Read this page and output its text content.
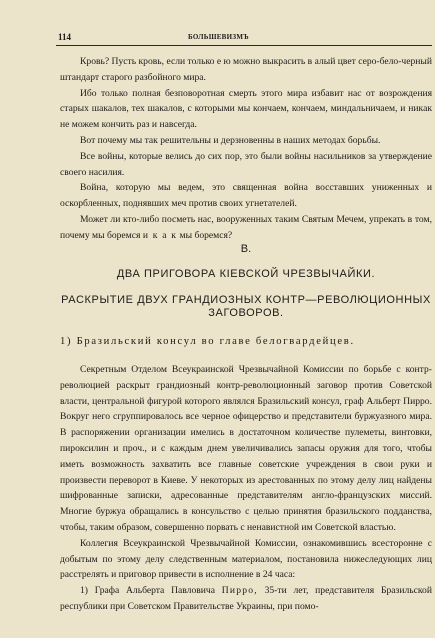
114	БОЛЬШЕВИЗМЪ

Кровь? Пусть кровь, если только е ю можно выкрасить в алый цвет серо-бело-черный штандарт старого разбойного мира.

Ибо только полная безповоротная смерть этого мира избавит нас от возрождения старых шакалов, тех шакалов, с которыми мы кончаем, кончаем, миндальничаем, и никак не можем кончить раз и навсегда.

Вот почему мы так решительны и дерзновенны в наших методах борьбы.

Все войны, которые велись до сих пор, это были войны насильников за утверждение своего насилия.

Война, которую мы ведем, это священная война восставших униженных и оскорбленных, поднявших меч против своих угнетателей.

Может ли кто-либо посметь нас, вооруженных таким Святым Мечем, упрекать в том, почему мы боремся и к а к мы боремся?

B.
ДВА ПРИГОВОРА КІЕВСКОЙ ЧРЕЗВЫЧАЙКИ.
РАСКРЫТИЕ ДВУХ ГРАНДИОЗНЫХ КОНТР—РЕВОЛЮЦИОННЫХ ЗАГОВОРОВ.
1) Бразильский консул во главе белогвардейцев.

Секретным Отделом Всеукраинской Чрезвычайной Комиссии по борьбе с контр-революцией раскрыт грандиозный контр-революционный заговор против Советской власти, центральной фигурой которого являлся Бразильский консул, граф Альберт Пирро. Вокруг него сгруппировалось все черное офицерство и представители буржуазного мира. В распоряжении организации имелись в достаточном количестве пулеметы, винтовки, пироксилин и проч., и с каждым днем увеличивались запасы оружия для того, чтобы иметь возможность захватить все главные советские учреждения в свои руки и произвести переворот в Киеве. У некоторых из арестованных по этому делу лиц найдены шифрованные записки, адресованные представителям англо-французских миссий. Многие буржуа обращались в консульство с целью принятия бразильского подданства, чтобы, таким образом, совершенно порвать с ненавистной им Советской властью.

Коллегия Всеукраинской Чрезвычайной Комиссии, ознакомившись всесторонне с добытым по этому делу следственным материалом, постановила нижеследующих лиц расстрелять и приговор привести в исполнение в 24 часа:

1) Графа Альберта Павловича Пирро, 35-ти лет, представителя Бразильской республики при Советском Правительстве Украины, при помо-
